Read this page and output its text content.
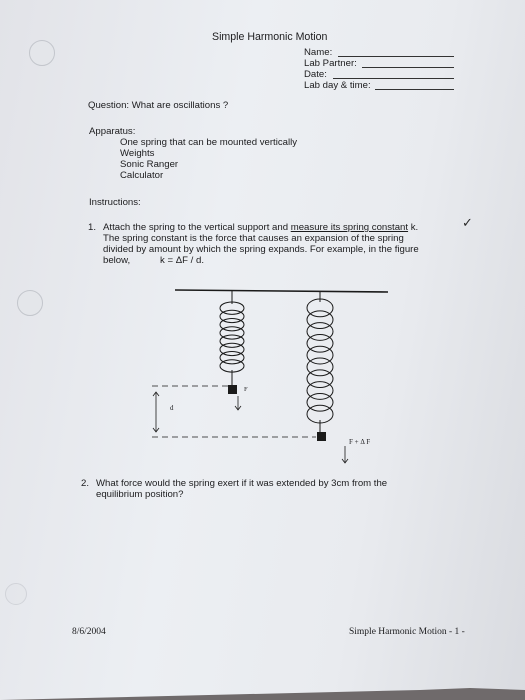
Simple Harmonic Motion
Name:
Lab Partner:
Date:
Lab day & time:
Question: What are oscillations ?
Apparatus:
One spring that can be mounted vertically
Weights
Sonic Ranger
Calculator
Instructions:
1. Attach the spring to the vertical support and measure its spring constant k.	✓
The spring constant is the force that causes an expansion of the spring
divided by amount by which the spring expands. For example, in the figure
below,	k = ΔF / d.
F
d
F + Δ F
2. What force would the spring exert if it was extended by 3cm from the
equilibrium position?
8/6/2004	Simple Harmonic Motion - 1 -
